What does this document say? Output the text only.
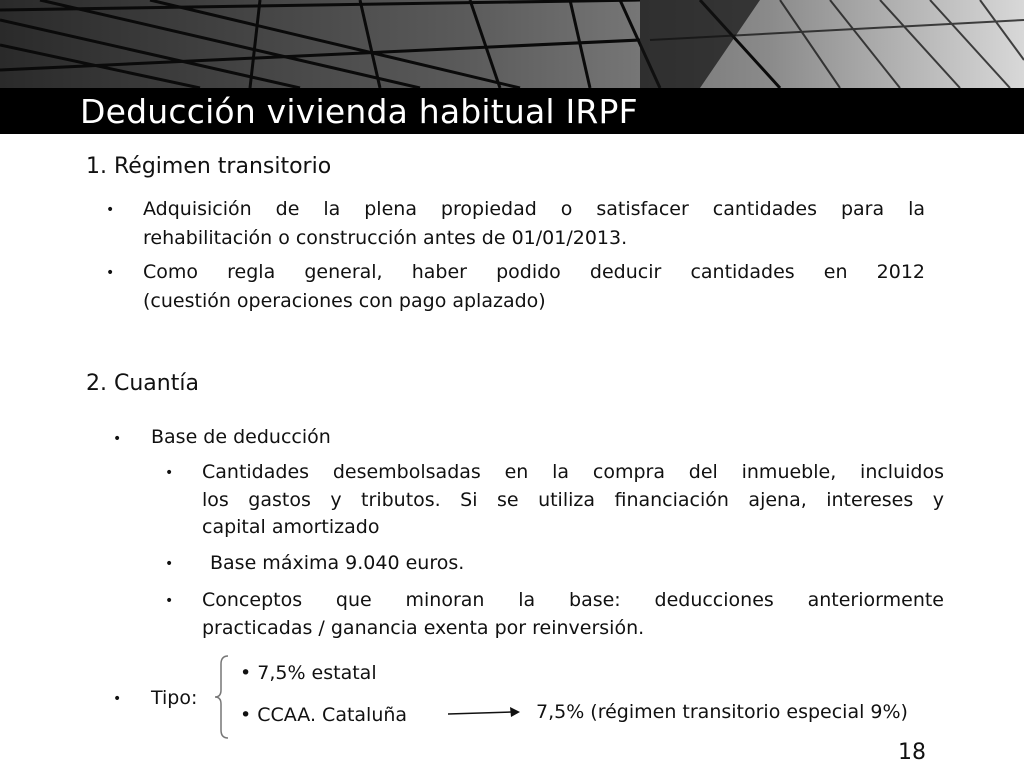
Deducción vivienda habitual IRPF
1. Régimen transitorio
• Adquisición de la plena propiedad o satisfacer cantidades para la
rehabilitación o construcción antes de 01/01/2013.
• Como regla general, haber podido deducir cantidades en 2012
(cuestión operaciones con pago aplazado)
2. Cuantía
• Base de deducción
• Cantidades desembolsadas en la compra del inmueble, incluidos
los gastos y tributos. Si se utiliza financiación ajena, intereses y
capital amortizado
• Base máxima 9.040 euros.
• Conceptos que minoran la base: deducciones anteriormente
practicadas / ganancia exenta por reinversión.
• Tipo:
• 7,5% estatal
• CCAA. Cataluña	7,5% (régimen transitorio especial 9%)
18
